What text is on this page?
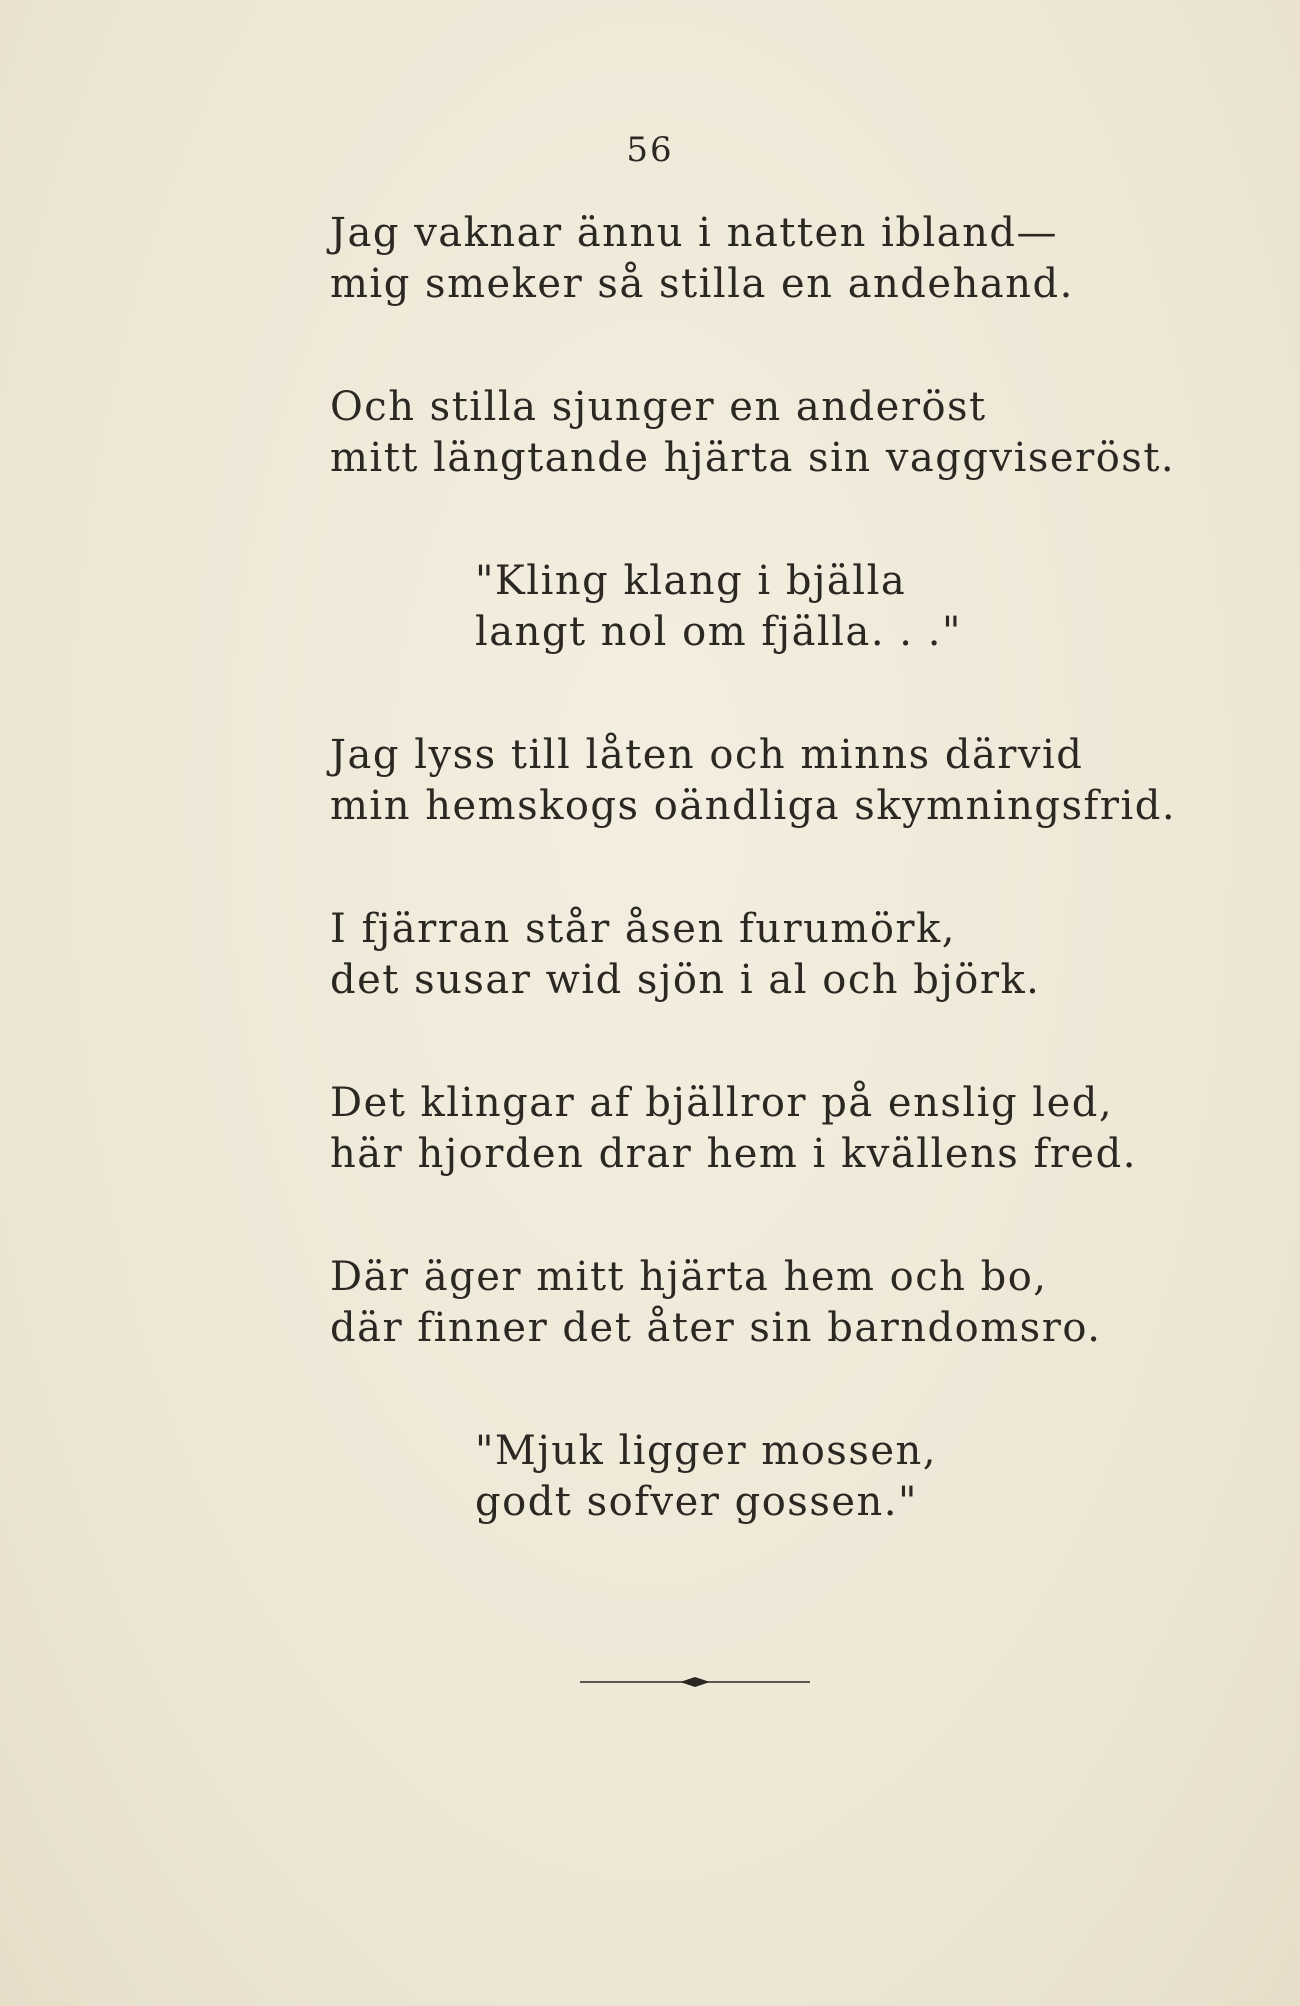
56
Jag vaknar ännu i natten ibland—
mig smeker så stilla en andehand.
Och stilla sjunger en anderöst
mitt längtande hjärta sin vaggviseröst.
"Kling klang i bjälla
langt nol om fjälla. . ."
Jag lyss till låten och minns därvid
min hemskogs oändliga skymningsfrid.
I fjärran står åsen furumörk,
det susar wid sjön i al och björk.
Det klingar af bjällror på enslig led,
här hjorden drar hem i kvällens fred.
Där äger mitt hjärta hem och bo,
där finner det åter sin barndomsro.
"Mjuk ligger mossen,
godt sofver gossen."
